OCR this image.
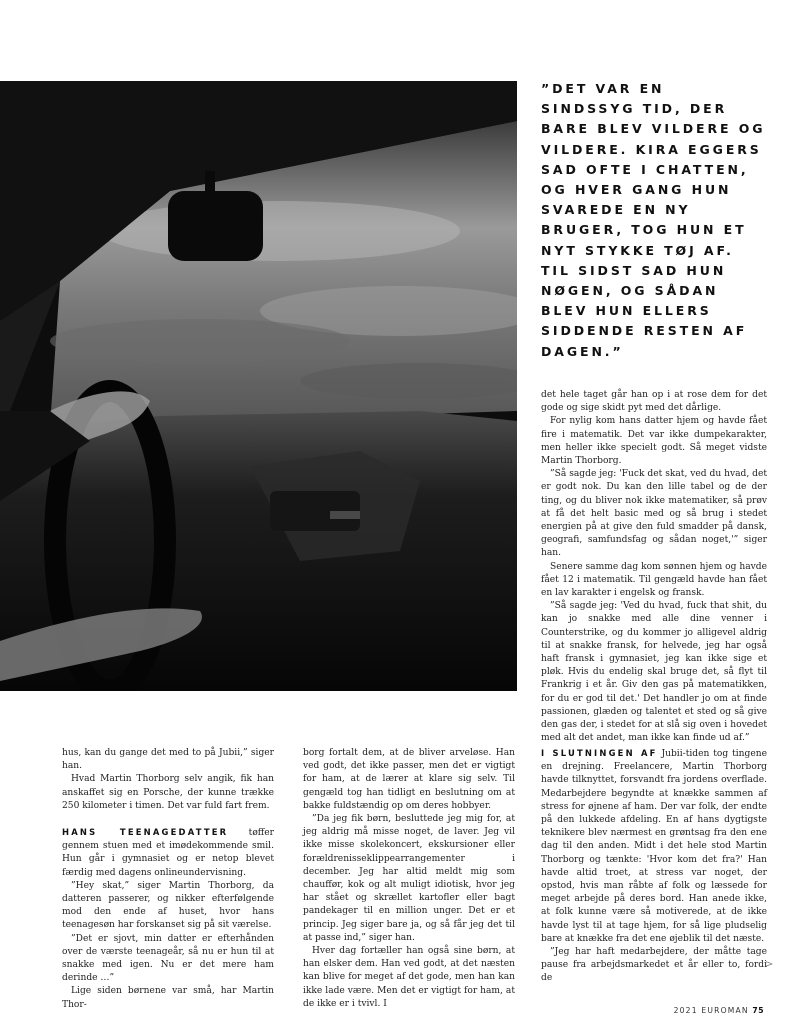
”DET VAR EN SINDSSYG TID, DER BARE BLEV VILDERE OG VILDERE. KIRA EGGERS SAD OFTE I CHATTEN, OG HVER GANG HUN SVAREDE EN NY BRUGER, TOG HUN ET NYT STYKKE TØJ AF. TIL SIDST SAD HUN NØGEN, OG SÅDAN BLEV HUN ELLERS SIDDENDE RESTEN AF DAGEN.”

det hele taget går han op i at rose dem for det gode og sige skidt pyt med det dårlige.

For nylig kom hans datter hjem og havde fået fire i matematik. Det var ikke dumpekarakter, men heller ikke specielt godt. Så meget vidste Martin Thorborg.

”Så sagde jeg: 'Fuck det skat, ved du hvad, det er godt nok. Du kan den lille tabel og de der ting, og du bliver nok ikke matematiker, så prøv at få det helt basic med og så brug i stedet energien på at give den fuld smadder på dansk, geografi, samfundsfag og sådan noget,'” siger han.

Senere samme dag kom sønnen hjem og havde fået 12 i matematik. Til gengæld havde han fået en lav karakter i engelsk og fransk.

”Så sagde jeg: 'Ved du hvad, fuck that shit, du kan jo snakke med alle dine venner i Counterstrike, og du kommer jo alligevel aldrig til at snakke fransk, for helvede, jeg har også haft fransk i gymnasiet, jeg kan ikke sige et pløk. Hvis du endelig skal bruge det, så flyt til Frankrig i et år. Giv den gas på matematikken, for du er god til det.' Det handler jo om at finde passionen, glæden og talentet et sted og så give den gas der, i stedet for at slå sig oven i hovedet med alt det andet, man ikke kan finde ud af.”

hus, kan du gange det med to på Jubii,” siger han.

Hvad Martin Thorborg selv angik, fik han anskaffet sig en Porsche, der kunne trække 250 kilometer i timen. Det var fuld fart frem.

HANS TEENAGEDATTER tøffer gennem stuen med et imødekommende smil. Hun går i gymnasiet og er netop blevet færdig med dagens onlineundervisning.

”Hey skat,” siger Martin Thorborg, da datteren passerer, og nikker efterfølgende mod den ende af huset, hvor hans teenagesøn har forskanset sig på sit værelse.

”Det er sjovt, min datter er efterhånden over de værste teenageår, så nu er hun til at snakke med igen. Nu er det mere ham derinde …”

Lige siden børnene var små, har Martin Thor-

borg fortalt dem, at de bliver arveløse. Han ved godt, det ikke passer, men det er vigtigt for ham, at de lærer at klare sig selv. Til gengæld tog han tidligt en beslutning om at bakke fuldstændig op om deres hobbyer.

”Da jeg fik børn, besluttede jeg mig for, at jeg aldrig må misse noget, de laver. Jeg vil ikke misse skolekoncert, ekskursioner eller forældrenisseklippearrangementer i december. Jeg har altid meldt mig som chauffør, kok og alt muligt idiotisk, hvor jeg har stået og skrællet kartofler eller bagt pandekager til en million unger. Det er et princip. Jeg siger bare ja, og så får jeg det til at passe ind,” siger han.

Hver dag fortæller han også sine børn, at han elsker dem. Han ved godt, at det næsten kan blive for meget af det gode, men han kan ikke lade være. Men det er vigtigt for ham, at de ikke er i tvivl. I

I SLUTNINGEN AF Jubii-tiden tog tingene en drejning. Freelancere, Martin Thorborg havde tilknyttet, forsvandt fra jordens overflade. Medarbejdere begyndte at knække sammen af stress for øjnene af ham. Der var folk, der endte på den lukkede afdeling. En af hans dygtigste teknikere blev nærmest en grøntsag fra den ene dag til den anden. Midt i det hele stod Martin Thorborg og tænkte: 'Hvor kom det fra?' Han havde altid troet, at stress var noget, der opstod, hvis man råbte af folk og læssede for meget arbejde på deres bord. Han anede ikke, at folk kunne være så motiverede, at de ikke havde lyst til at tage hjem, for så lige pludselig bare at knække fra det ene øjeblik til det næste.

”Jeg har haft medarbejdere, der måtte tage pause fra arbejdsmarkedet et år eller to, fordi de

>
2021 EUROMAN 75
